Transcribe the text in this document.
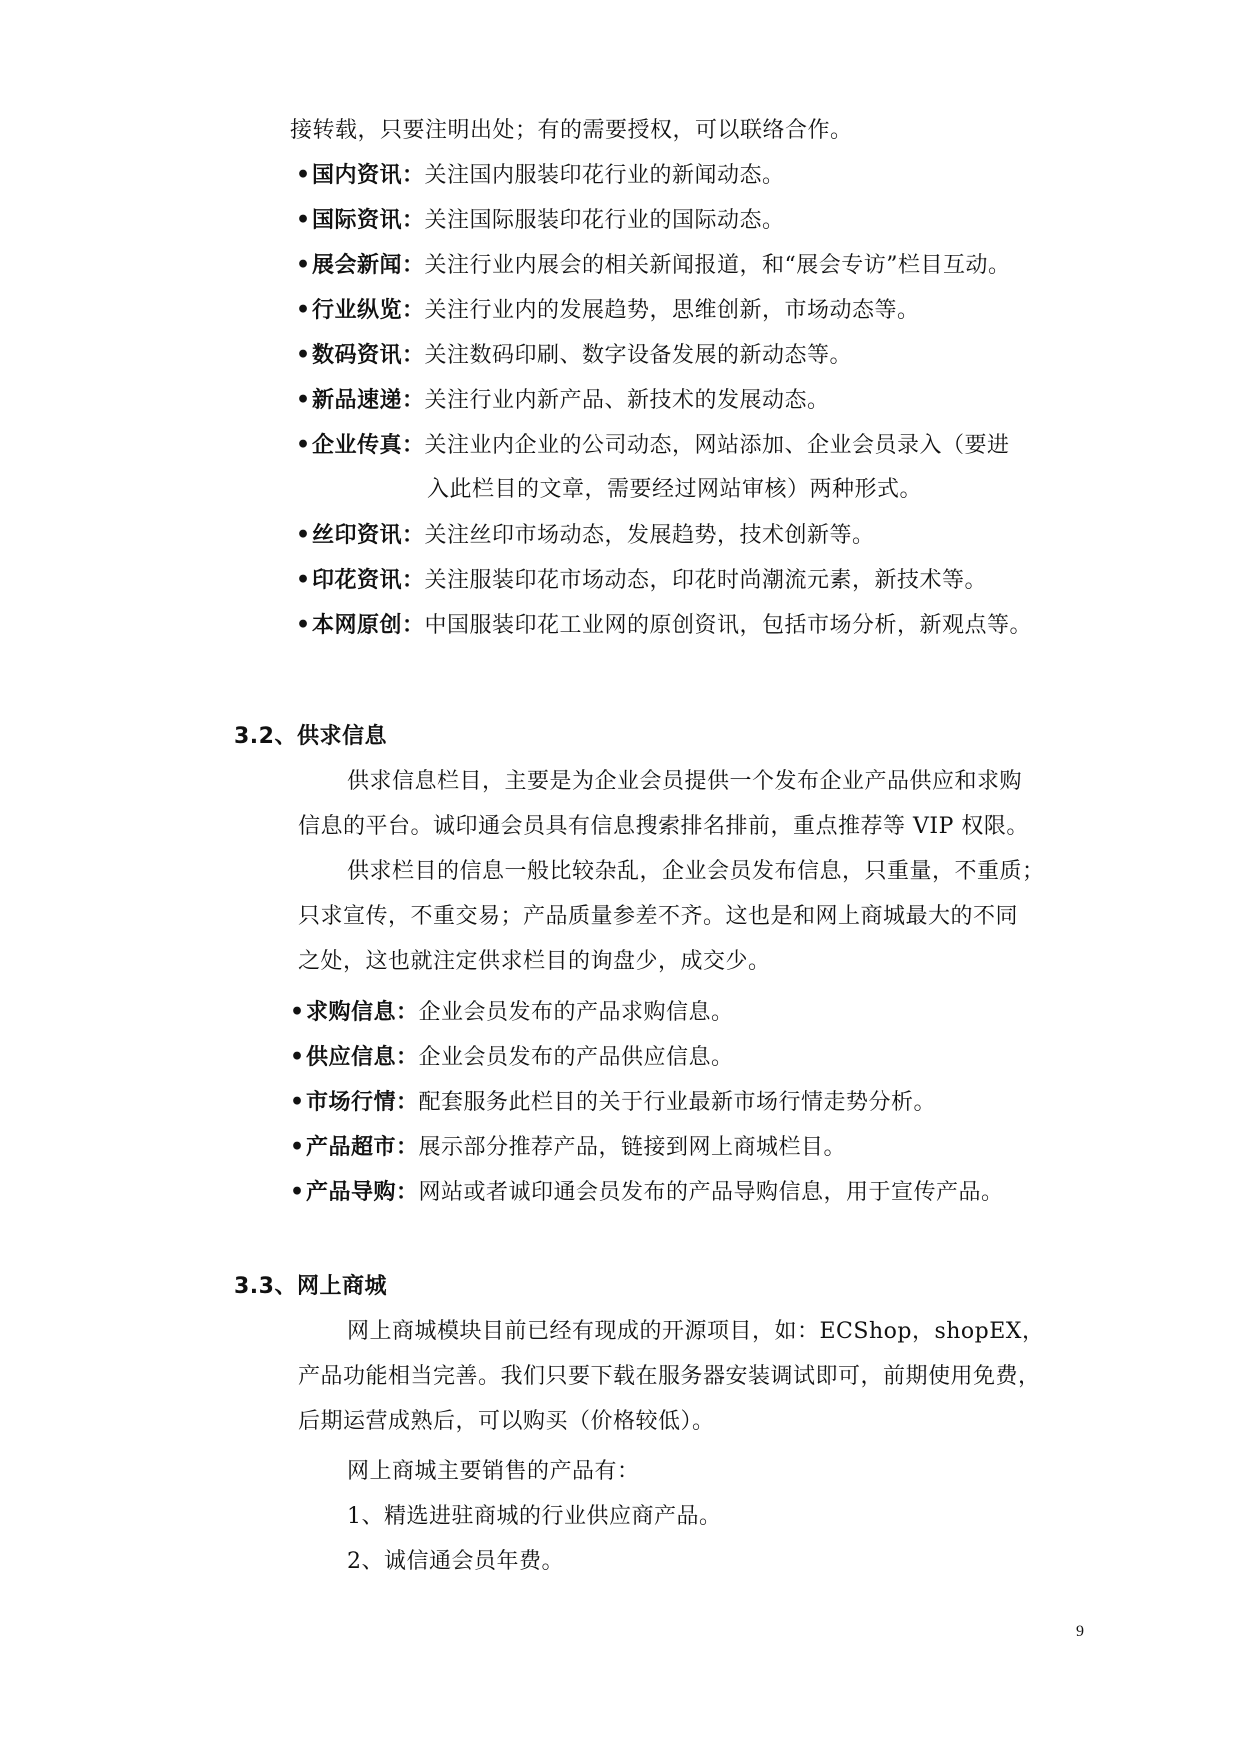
接转载，只要注明出处；有的需要授权，可以联络合作。
•国内资讯：关注国内服装印花行业的新闻动态。
•国际资讯：关注国际服装印花行业的国际动态。
•展会新闻：关注行业内展会的相关新闻报道，和“展会专访”栏目互动。
•行业纵览：关注行业内的发展趋势，思维创新，市场动态等。
•数码资讯：关注数码印刷、数字设备发展的新动态等。
•新品速递：关注行业内新产品、新技术的发展动态。
•企业传真：关注业内企业的公司动态，网站添加、企业会员录入（要进
入此栏目的文章，需要经过网站审核）两种形式。
•丝印资讯：关注丝印市场动态，发展趋势，技术创新等。
•印花资讯：关注服装印花市场动态，印花时尚潮流元素，新技术等。
•本网原创：中国服装印花工业网的原创资讯，包括市场分析，新观点等。
3.2、供求信息
供求信息栏目，主要是为企业会员提供一个发布企业产品供应和求购
信息的平台。诚印通会员具有信息搜索排名排前，重点推荐等 VIP 权限。
供求栏目的信息一般比较杂乱，企业会员发布信息，只重量，不重质；
只求宣传，不重交易；产品质量参差不齐。这也是和网上商城最大的不同
之处，这也就注定供求栏目的询盘少，成交少。
•求购信息：企业会员发布的产品求购信息。
•供应信息：企业会员发布的产品供应信息。
•市场行情：配套服务此栏目的关于行业最新市场行情走势分析。
•产品超市：展示部分推荐产品，链接到网上商城栏目。
•产品导购：网站或者诚印通会员发布的产品导购信息，用于宣传产品。
3.3、网上商城
网上商城模块目前已经有现成的开源项目，如：ECShop，shopEX，
产品功能相当完善。我们只要下载在服务器安装调试即可，前期使用免费，
后期运营成熟后，可以购买（价格较低）。
网上商城主要销售的产品有：
1、精选进驻商城的行业供应商产品。
2、诚信通会员年费。
9
